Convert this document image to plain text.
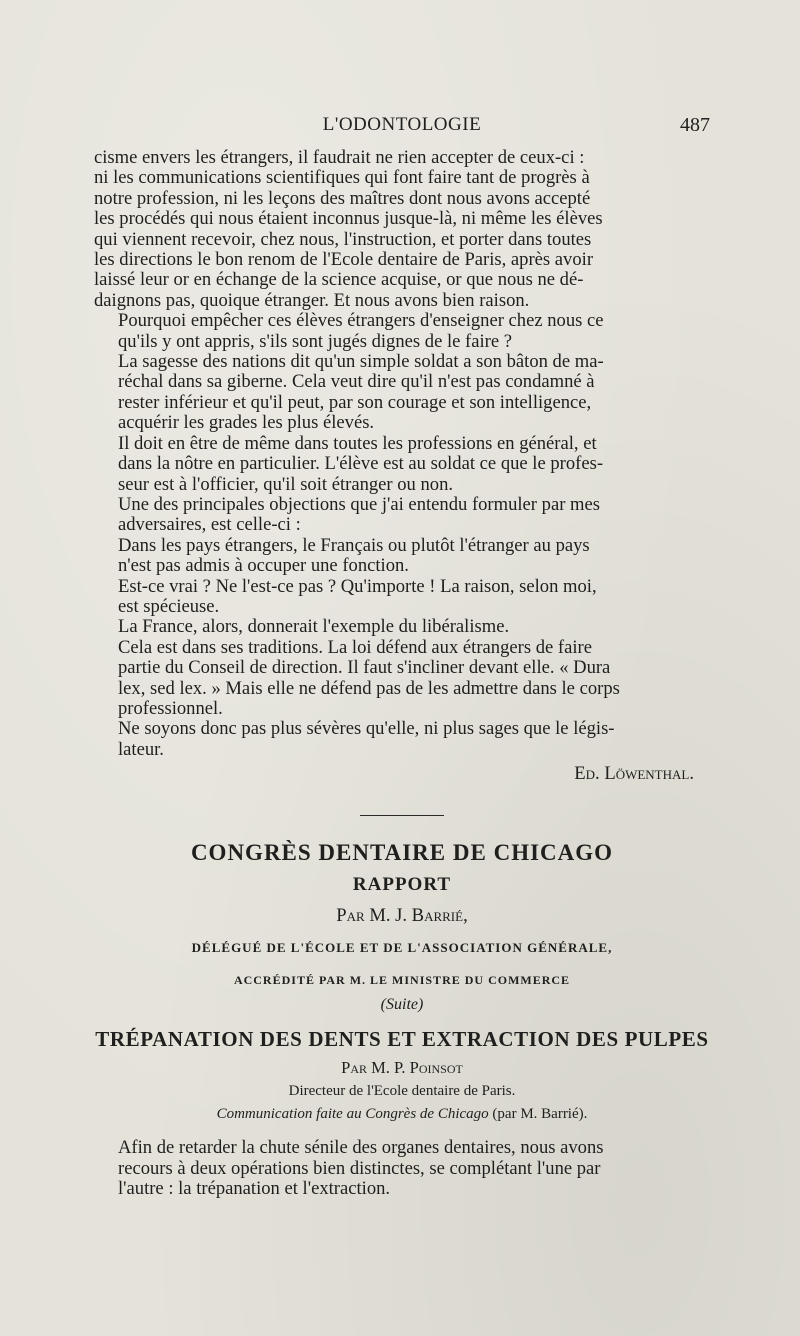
L'ODONTOLOGIE	487

cisme envers les étrangers, il faudrait ne rien accepter de ceux-ci :
ni les communications scientifiques qui font faire tant de progrès à
notre profession, ni les leçons des maîtres dont nous avons accepté
les procédés qui nous étaient inconnus jusque-là, ni même les élèves
qui viennent recevoir, chez nous, l'instruction, et porter dans toutes
les directions le bon renom de l'Ecole dentaire de Paris, après avoir
laissé leur or en échange de la science acquise, or que nous ne dé-
daignons pas, quoique étranger. Et nous avons bien raison.

Pourquoi empêcher ces élèves étrangers d'enseigner chez nous ce
qu'ils y ont appris, s'ils sont jugés dignes de le faire ?

La sagesse des nations dit qu'un simple soldat a son bâton de ma-
réchal dans sa giberne. Cela veut dire qu'il n'est pas condamné à
rester inférieur et qu'il peut, par son courage et son intelligence,
acquérir les grades les plus élevés.

Il doit en être de même dans toutes les professions en général, et
dans la nôtre en particulier. L'élève est au soldat ce que le profes-
seur est à l'officier, qu'il soit étranger ou non.

Une des principales objections que j'ai entendu formuler par mes
adversaires, est celle-ci :

Dans les pays étrangers, le Français ou plutôt l'étranger au pays
n'est pas admis à occuper une fonction.

Est-ce vrai ? Ne l'est-ce pas ? Qu'importe ! La raison, selon moi,
est spécieuse.

La France, alors, donnerait l'exemple du libéralisme.

Cela est dans ses traditions. La loi défend aux étrangers de faire
partie du Conseil de direction. Il faut s'incliner devant elle. « Dura
lex, sed lex. » Mais elle ne défend pas de les admettre dans le corps
professionnel.

Ne soyons donc pas plus sévères qu'elle, ni plus sages que le légis-
lateur.

Ed. Löwenthal.
CONGRÈS DENTAIRE DE CHICAGO
RAPPORT
Par M. J. Barrié,
DÉLÉGUÉ DE L'ÉCOLE ET DE L'ASSOCIATION GÉNÉRALE,
ACCRÉDITÉ PAR M. LE MINISTRE DU COMMERCE
(Suite)
TRÉPANATION DES DENTS ET EXTRACTION DES PULPES
Par M. P. Poinsot
Directeur de l'Ecole dentaire de Paris.
Communication faite au Congrès de Chicago (par M. Barrié).

Afin de retarder la chute sénile des organes dentaires, nous avons
recours à deux opérations bien distinctes, se complétant l'une par
l'autre : la trépanation et l'extraction.
